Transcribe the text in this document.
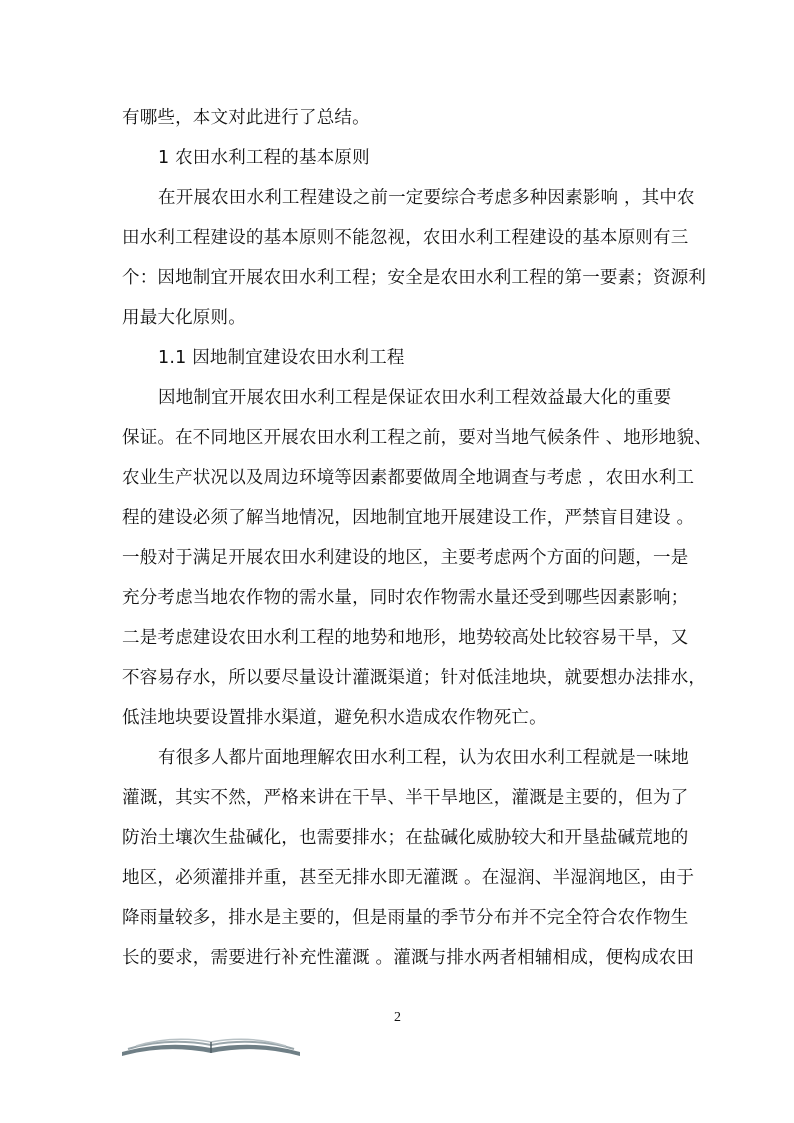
有哪些，本文对此进行了总结。
1 农田水利工程的基本原则
在开展农田水利工程建设之前一定要综合考虑多种因素影响 ，其中农
田水利工程建设的基本原则不能忽视，农田水利工程建设的基本原则有三
个：因地制宜开展农田水利工程；安全是农田水利工程的第一要素；资源利
用最大化原则。
1.1 因地制宜建设农田水利工程
因地制宜开展农田水利工程是保证农田水利工程效益最大化的重要
保证。在不同地区开展农田水利工程之前，要对当地气候条件 、地形地貌、
农业生产状况以及周边环境等因素都要做周全地调查与考虑 ，农田水利工
程的建设必须了解当地情况，因地制宜地开展建设工作，严禁盲目建设 。
一般对于满足开展农田水利建设的地区，主要考虑两个方面的问题，一是
充分考虑当地农作物的需水量，同时农作物需水量还受到哪些因素影响；
二是考虑建设农田水利工程的地势和地形，地势较高处比较容易干旱，又
不容易存水，所以要尽量设计灌溉渠道；针对低洼地块，就要想办法排水，
低洼地块要设置排水渠道，避免积水造成农作物死亡。
有很多人都片面地理解农田水利工程，认为农田水利工程就是一味地
灌溉，其实不然，严格来讲在干旱、半干旱地区，灌溉是主要的，但为了
防治土壤次生盐碱化，也需要排水；在盐碱化威胁较大和开垦盐碱荒地的
地区，必须灌排并重，甚至无排水即无灌溉 。在湿润、半湿润地区，由于
降雨量较多，排水是主要的，但是雨量的季节分布并不完全符合农作物生
长的要求，需要进行补充性灌溉 。灌溉与排水两者相辅相成，便构成农田
2
